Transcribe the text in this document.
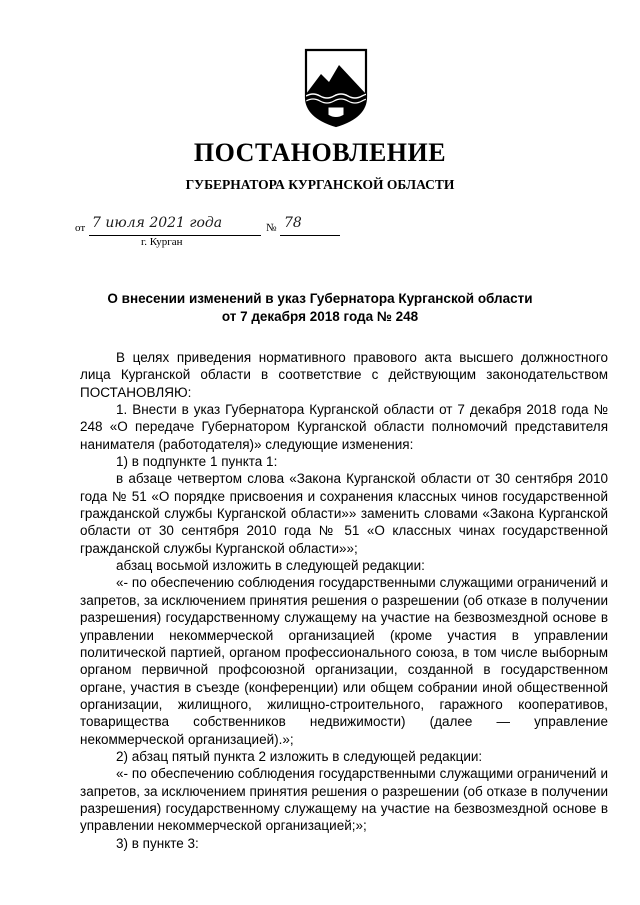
ПОСТАНОВЛЕНИЕ
ГУБЕРНАТОРА КУРГАНСКОЙ ОБЛАСТИ
от 7 июля 2021 года	№ 78
г. Курган
О внесении изменений в указ Губернатора Курганской области
от 7 декабря 2018 года № 248

В целях приведения нормативного правового акта высшего должностного лица Курганской области в соответствие с действующим законодательством ПОСТАНОВЛЯЮ:

1. Внести в указ Губернатора Курганской области от 7 декабря 2018 года № 248 «О передаче Губернатором Курганской области полномочий представителя нанимателя (работодателя)» следующие изменения:

1) в подпункте 1 пункта 1:

в абзаце четвертом слова «Закона Курганской области от 30 сентября 2010 года № 51 «О порядке присвоения и сохранения классных чинов государственной гражданской службы Курганской области»» заменить словами «Закона Курганской области от 30 сентября 2010 года № 51 «О классных чинах государственной гражданской службы Курганской области»»;

абзац восьмой изложить в следующей редакции:

«- по обеспечению соблюдения государственными служащими ограничений и запретов, за исключением принятия решения о разрешении (об отказе в получении разрешения) государственному служащему на участие на безвозмездной основе в управлении некоммерческой организацией (кроме участия в управлении политической партией, органом профессионального союза, в том числе выборным органом первичной профсоюзной организации, созданной в государственном органе, участия в съезде (конференции) или общем собрании иной общественной организации, жилищного, жилищно-строительного, гаражного кооперативов, товарищества собственников недвижимости) (далее — управление некоммерческой организацией).»;

2) абзац пятый пункта 2 изложить в следующей редакции:

«- по обеспечению соблюдения государственными служащими ограничений и запретов, за исключением принятия решения о разрешении (об отказе в получении разрешения) государственному служащему на участие на безвозмездной основе в управлении некоммерческой организацией;»;

3) в пункте 3:
